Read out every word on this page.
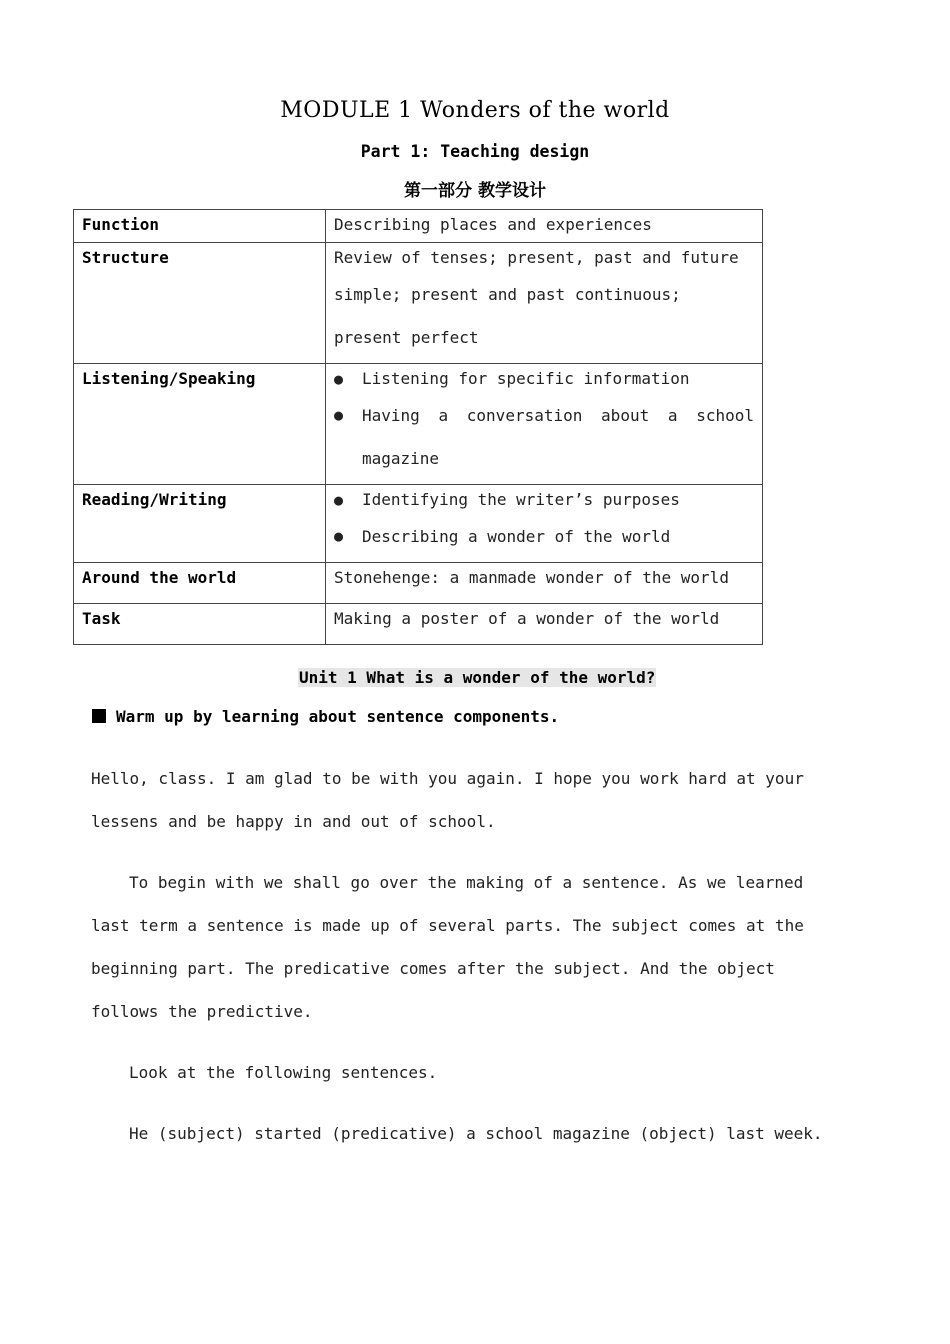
MODULE 1 Wonders of the world
Part 1: Teaching design
第一部分 教学设计
Function	Describing places and experiences

Structure	Review of tenses; present, past and future
simple; present and past continuous;
present perfect

Listening/Speaking	● Listening for specific information
● Having a conversation about a school magazine

Reading/Writing	● Identifying the writer’s purposes
● Describing a wonder of the world

Around the world	Stonehenge: a manmade wonder of the world

Task	Making a poster of a wonder of the world
Unit 1 What is a wonder of the world?
Warm up by learning about sentence components.
Hello, class. I am glad to be with you again. I hope you work hard at your lessens and be happy in and out of school.
To begin with we shall go over the making of a sentence. As we learned last term a sentence is made up of several parts. The subject comes at the beginning part. The predicative comes after the subject. And the object follows the predictive.
Look at the following sentences.
He (subject) started (predicative) a school magazine (object) last week.
